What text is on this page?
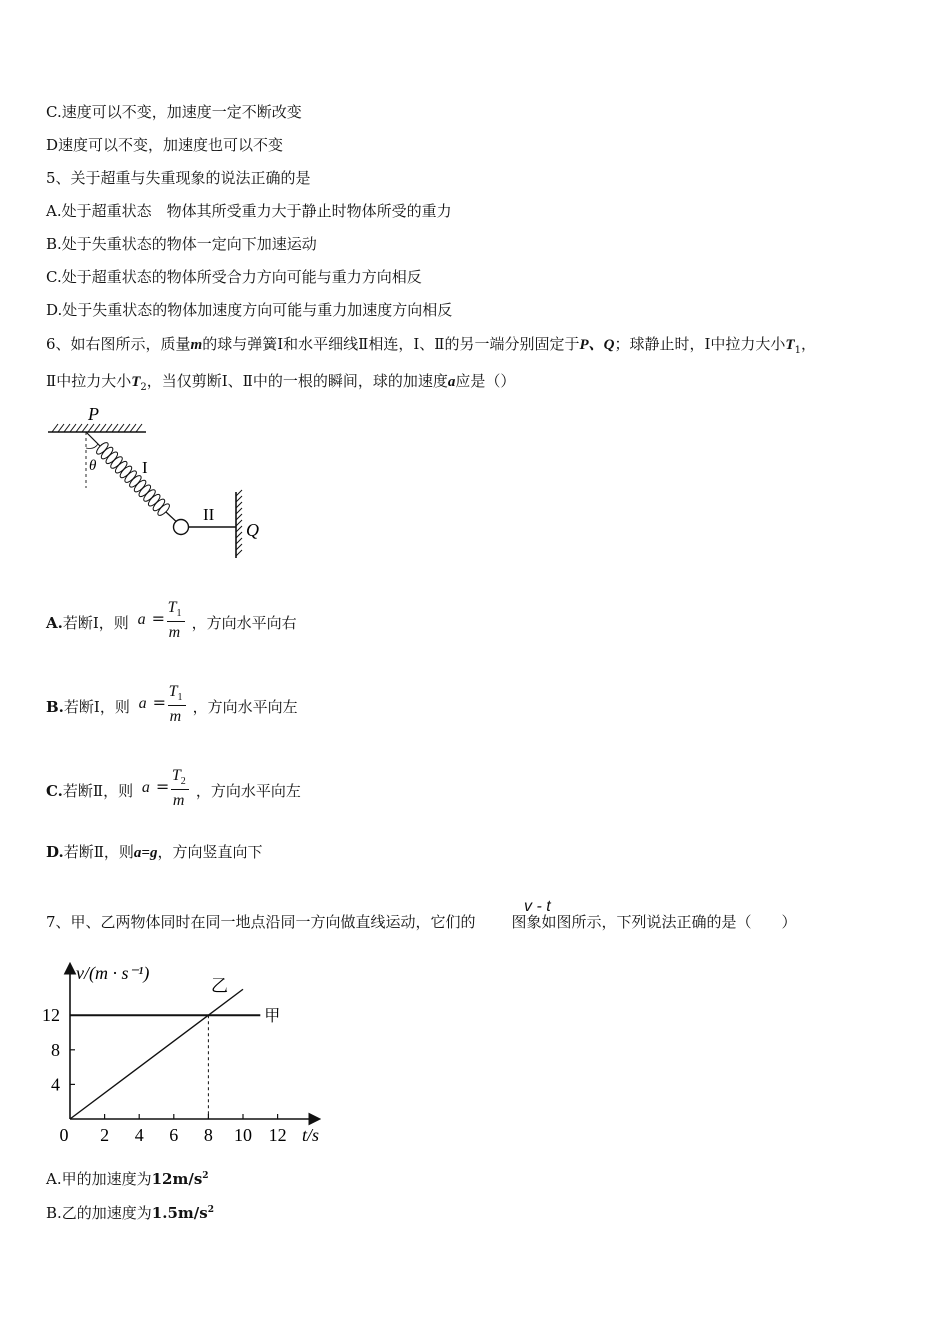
C.速度可以不变，加速度一定不断改变
D速度可以不变，加速度也可以不变
5、关于超重与失重现象的说法正确的是
A.处于超重状态　物体其所受重力大于静止时物体所受的重力
B.处于失重状态的物体一定向下加速运动
C.处于超重状态的物体所受合力方向可能与重力方向相反
D.处于失重状态的物体加速度方向可能与重力加速度方向相反
6、如右图所示，质量m的球与弹簧Ⅰ和水平细线Ⅱ相连，Ⅰ、Ⅱ的另一端分别固定于P、Q；球静止时，Ⅰ中拉力大小$T_1$，
Ⅱ中拉力大小$T_2$，当仅剪断Ⅰ、Ⅱ中的一根的瞬间，球的加速度a应是（）
P
θ	I
II
Q
A.若断Ⅰ，则 a =
$T_1$
m
，方向水平向右
B.若断Ⅰ，则 a =
$T_1$
m
，方向水平向左
C.若断Ⅱ，则 a =
$T_2$
m
，方向水平向左
D.若断Ⅱ，则a=g，方向竖直向下
7、甲、乙两物体同时在同一地点沿同一方向做直线运动，它们的 图象如图所示，下列说法正确的是（　　）
v - t
0 2 4 6 8 10 12
4
8
12	甲
乙
v/(m · s⁻¹)
t/s
A.甲的加速度为$12m/s^2$
B.乙的加速度为$1.5m/s^2$
